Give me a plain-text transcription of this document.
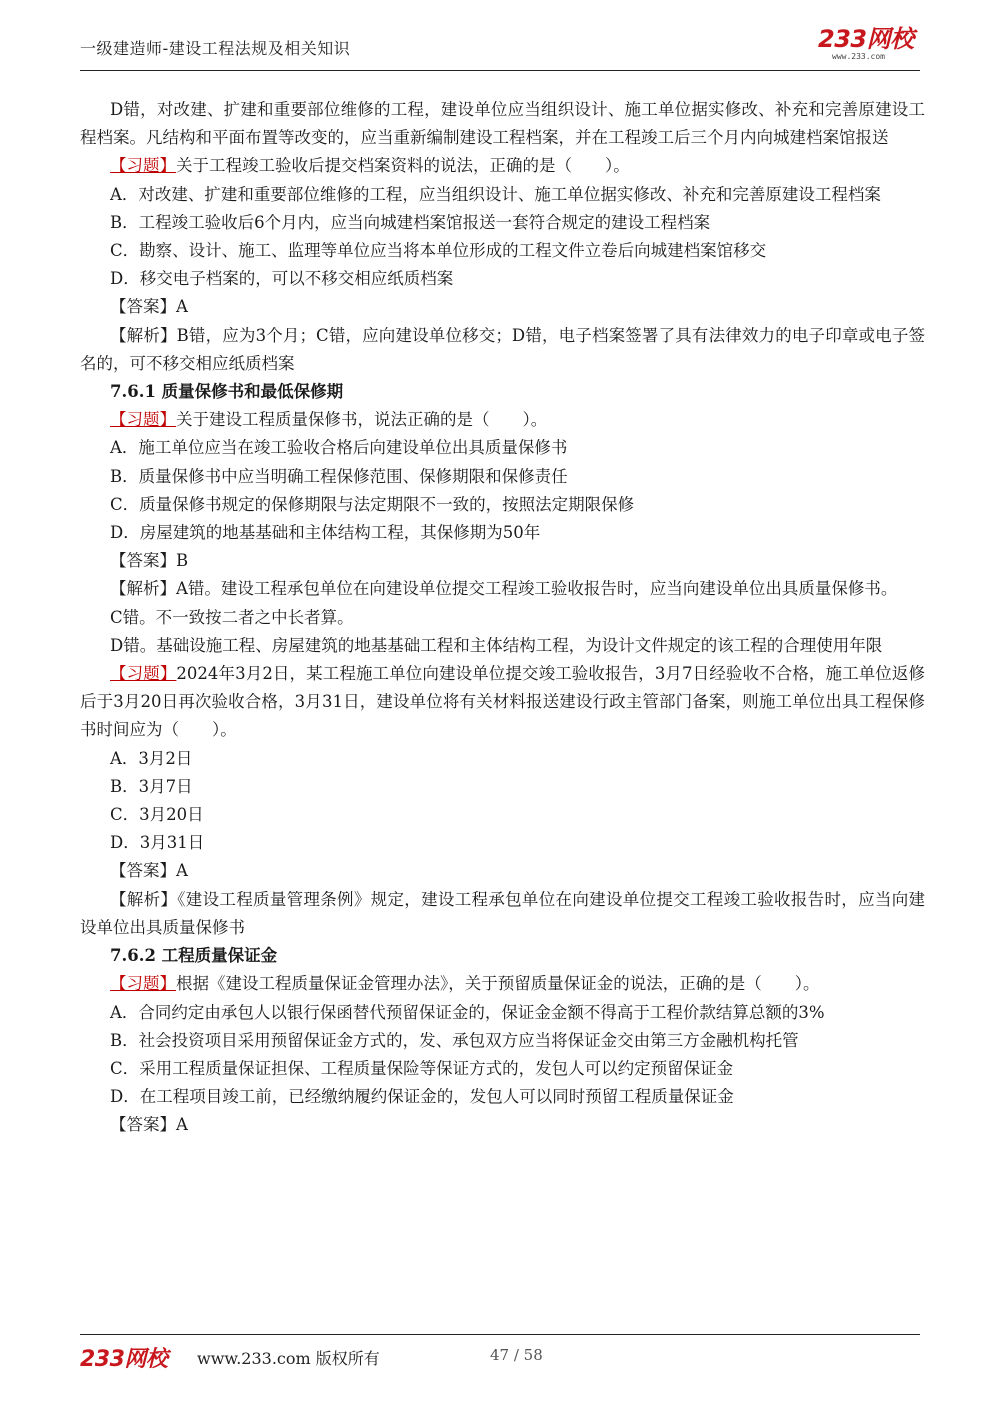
一级建造师-建设工程法规及相关知识	233网校
www.233.com

D错，对改建、扩建和重要部位维修的工程，建设单位应当组织设计、施工单位据实修改、补充和完善原建设工程档案。凡结构和平面布置等改变的，应当重新编制建设工程档案，并在工程竣工后三个月内向城建档案馆报送

【习题】关于工程竣工验收后提交档案资料的说法，正确的是（　　）。

A．对改建、扩建和重要部位维修的工程，应当组织设计、施工单位据实修改、补充和完善原建设工程档案

B．工程竣工验收后6个月内，应当向城建档案馆报送一套符合规定的建设工程档案

C．勘察、设计、施工、监理等单位应当将本单位形成的工程文件立卷后向城建档案馆移交

D．移交电子档案的，可以不移交相应纸质档案

【答案】A

【解析】B错，应为3个月；C错，应向建设单位移交；D错，电子档案签署了具有法律效力的电子印章或电子签名的，可不移交相应纸质档案

7.6.1 质量保修书和最低保修期

【习题】关于建设工程质量保修书，说法正确的是（　　）。

A．施工单位应当在竣工验收合格后向建设单位出具质量保修书

B．质量保修书中应当明确工程保修范围、保修期限和保修责任

C．质量保修书规定的保修期限与法定期限不一致的，按照法定期限保修

D．房屋建筑的地基基础和主体结构工程，其保修期为50年

【答案】B

【解析】A错。建设工程承包单位在向建设单位提交工程竣工验收报告时，应当向建设单位出具质量保修书。

C错。不一致按二者之中长者算。

D错。基础设施工程、房屋建筑的地基基础工程和主体结构工程，为设计文件规定的该工程的合理使用年限

【习题】2024年3月2日，某工程施工单位向建设单位提交竣工验收报告，3月7日经验收不合格，施工单位返修后于3月20日再次验收合格，3月31日，建设单位将有关材料报送建设行政主管部门备案，则施工单位出具工程保修书时间应为（　　）。

A．3月2日

B．3月7日

C．3月20日

D．3月31日

【答案】A

【解析】《建设工程质量管理条例》规定，建设工程承包单位在向建设单位提交工程竣工验收报告时，应当向建设单位出具质量保修书

7.6.2 工程质量保证金

【习题】根据《建设工程质量保证金管理办法》，关于预留质量保证金的说法，正确的是（　　）。

A．合同约定由承包人以银行保函替代预留保证金的，保证金金额不得高于工程价款结算总额的3%

B．社会投资项目采用预留保证金方式的，发、承包双方应当将保证金交由第三方金融机构托管

C．采用工程质量保证担保、工程质量保险等保证方式的，发包人可以约定预留保证金

D．在工程项目竣工前，已经缴纳履约保证金的，发包人可以同时预留工程质量保证金

【答案】A

233网校 www.233.com 版权所有	47 / 58
